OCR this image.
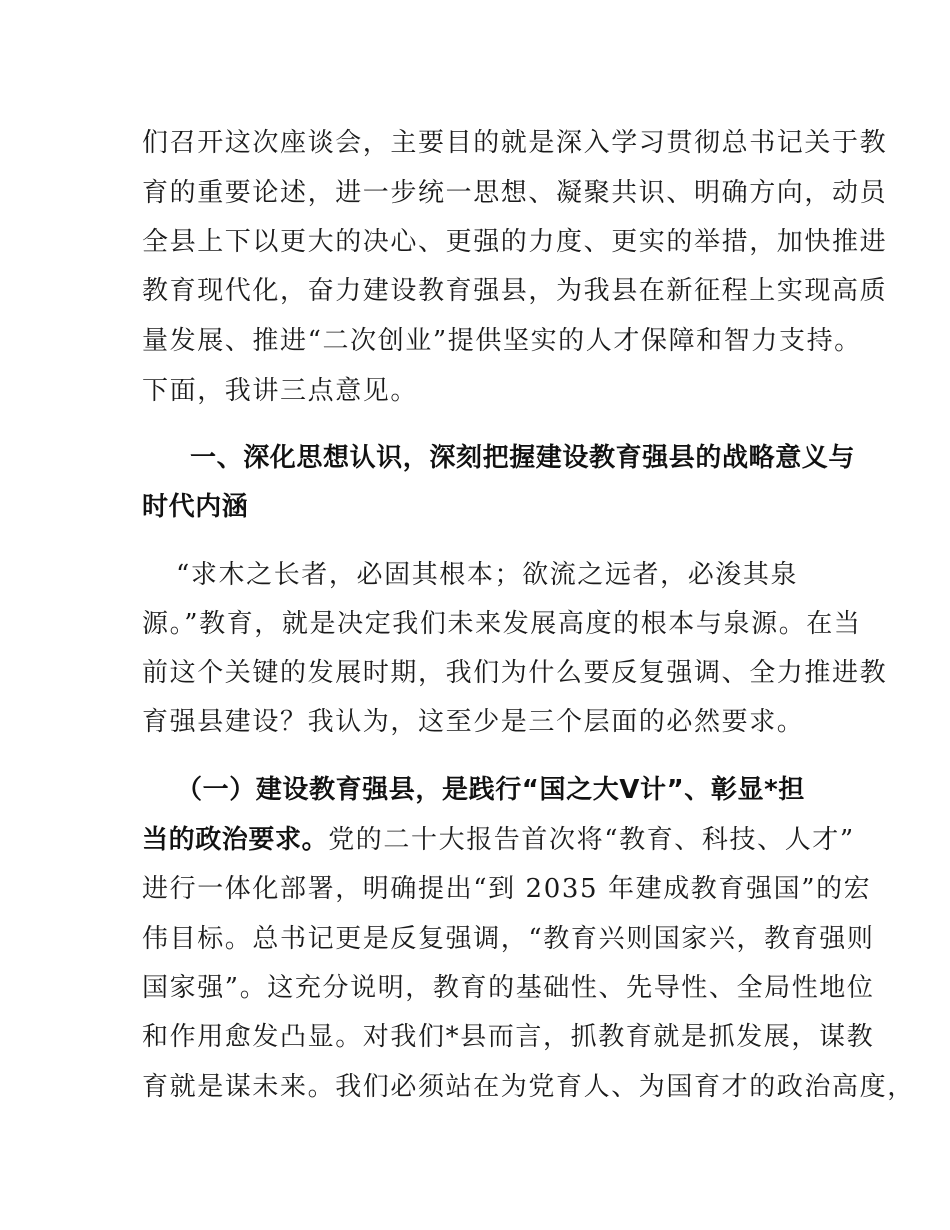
们召开这次座谈会，主要目的就是深入学习贯彻总书记关于教
育的重要论述，进一步统一思想、凝聚共识、明确方向，动员
全县上下以更大的决心、更强的力度、更实的举措，加快推进
教育现代化，奋力建设教育强县，为我县在新征程上实现高质
量发展、推进“二次创业”提供坚实的人才保障和智力支持。
下面，我讲三点意见。
一、深化思想认识，深刻把握建设教育强县的战略意义与
时代内涵
“求木之长者，必固其根本；欲流之远者，必浚其泉
源。”教育，就是决定我们未来发展高度的根本与泉源。在当
前这个关键的发展时期，我们为什么要反复强调、全力推进教
育强县建设？我认为，这至少是三个层面的必然要求。
（一）建设教育强县，是践行“国之大Ⅴ计”、彰显*担
当的政治要求。党的二十大报告首次将“教育、科技、人才”
进行一体化部署，明确提出“到 2035 年建成教育强国”的宏
伟目标。总书记更是反复强调，“教育兴则国家兴，教育强则
国家强”。这充分说明，教育的基础性、先导性、全局性地位
和作用愈发凸显。对我们*县而言，抓教育就是抓发展，谋教
育就是谋未来。我们必须站在为党育人、为国育才的政治高度，
